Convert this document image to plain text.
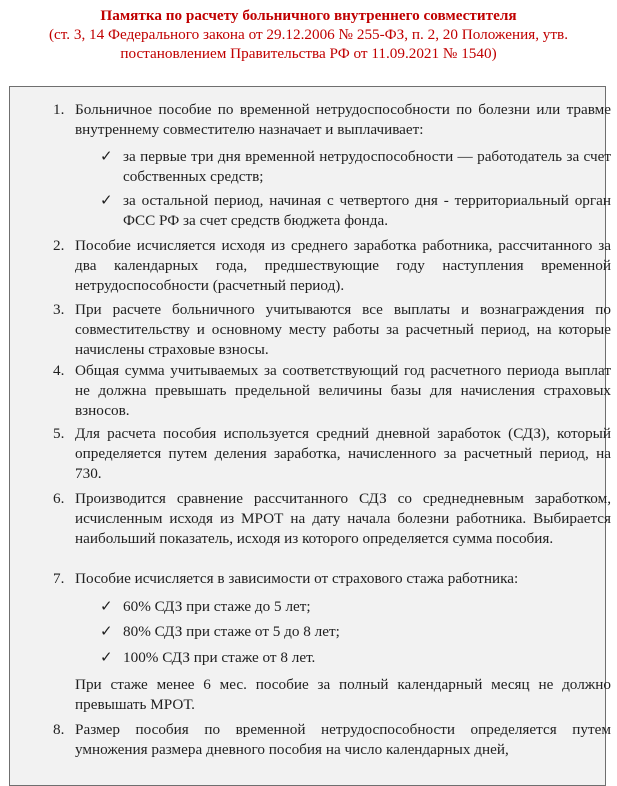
Памятка по расчету больничного внутреннего совместителя
(ст. 3, 14 Федерального закона от 29.12.2006 № 255-ФЗ, п. 2, 20 Положения, утв.
постановлением Правительства РФ от 11.09.2021 № 1540)
1. Больничное пособие по временной нетрудоспособности по болезни или травме внутреннему совместителю назначает и выплачивает:
✓ за первые три дня временной нетрудоспособности — работодатель за счет собственных средств;
✓ за остальной период, начиная с четвертого дня - территориальный орган ФСС РФ за счет средств бюджета фонда.
2. Пособие исчисляется исходя из среднего заработка работника, рассчитанного за два календарных года, предшествующие году наступления временной нетрудоспособности (расчетный период).
3. При расчете больничного учитываются все выплаты и вознаграждения по совместительству и основному месту работы за расчетный период, на которые начислены страховые взносы.
4. Общая сумма учитываемых за соответствующий год расчетного периода выплат не должна превышать предельной величины базы для начисления страховых взносов.
5. Для расчета пособия используется средний дневной заработок (СДЗ), который определяется путем деления заработка, начисленного за расчетный период, на 730.
6. Производится сравнение рассчитанного СДЗ со среднедневным заработком, исчисленным исходя из МРОТ на дату начала болезни работника. Выбирается наибольший показатель, исходя из которого определяется сумма пособия.
7. Пособие исчисляется в зависимости от страхового стажа работника:
✓ 60% СДЗ при стаже до 5 лет;
✓ 80% СДЗ при стаже от 5 до 8 лет;
✓ 100% СДЗ при стаже от 8 лет.
При стаже менее 6 мес. пособие за полный календарный месяц не должно превышать МРОТ.
8. Размер пособия по временной нетрудоспособности определяется путем умножения размера дневного пособия на число календарных дней,
